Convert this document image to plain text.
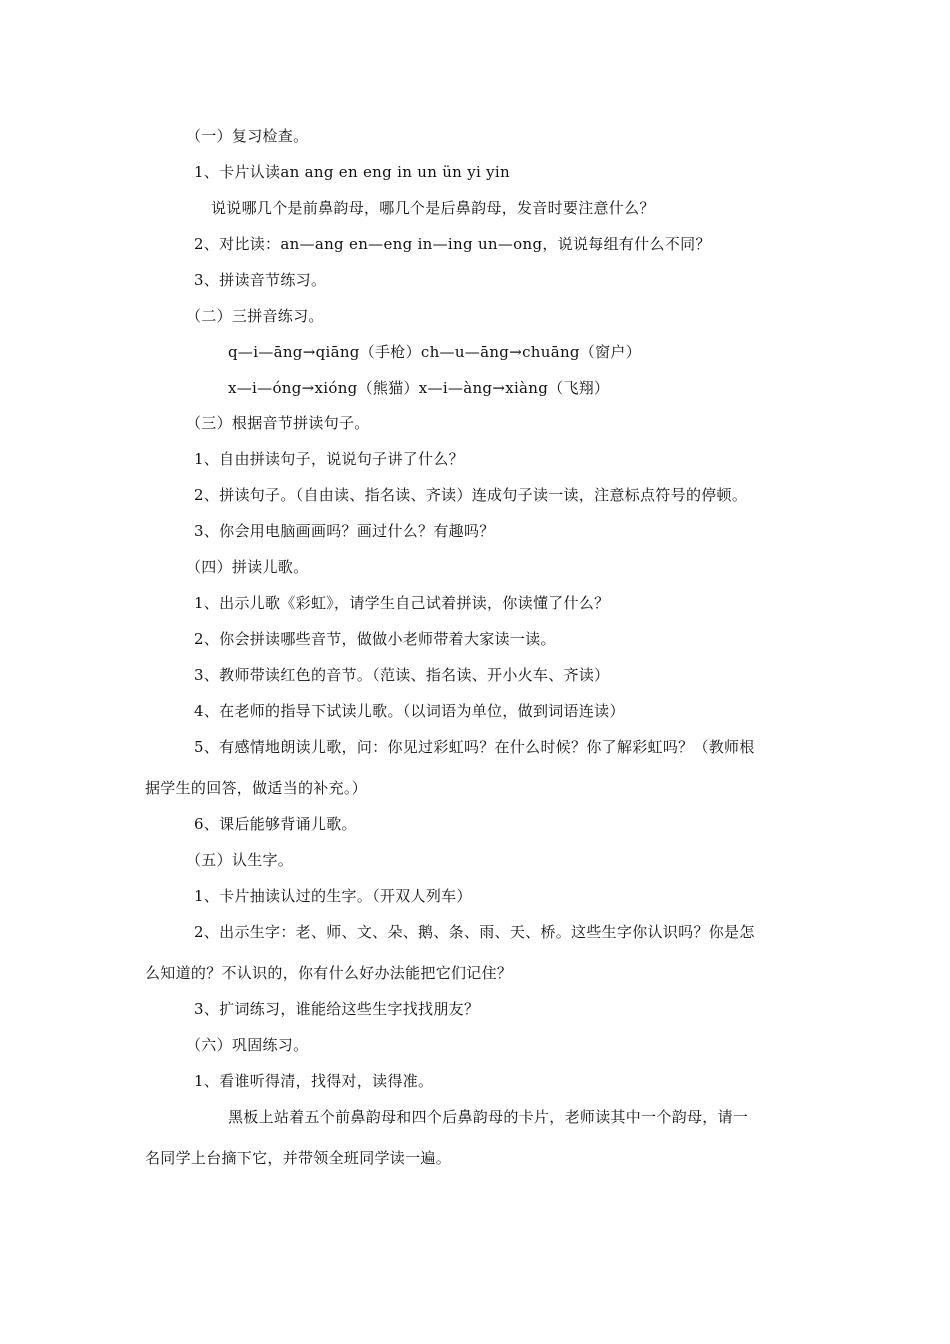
（一）复习检查。
1、卡片认读an ang en eng in un ün yi yin
说说哪几个是前鼻韵母，哪几个是后鼻韵母，发音时要注意什么？
2、对比读：an—ang en—eng in—ing un—ong，说说每组有什么不同？
3、拼读音节练习。
（二）三拼音练习。
q—i—āng→qiāng（手枪）ch—u—āng→chuāng（窗户）
x—i—óng→xióng（熊猫）x—i—àng→xiàng（飞翔）
（三）根据音节拼读句子。
1、自由拼读句子，说说句子讲了什么？
2、拼读句子。（自由读、指名读、齐读）连成句子读一读，注意标点符号的停顿。
3、你会用电脑画画吗？画过什么？有趣吗？
（四）拼读儿歌。
1、出示儿歌《彩虹》，请学生自己试着拼读，你读懂了什么？
2、你会拼读哪些音节，做做小老师带着大家读一读。
3、教师带读红色的音节。（范读、指名读、开小火车、齐读）
4、在老师的指导下试读儿歌。（以词语为单位，做到词语连读）
5、有感情地朗读儿歌，问：你见过彩虹吗？在什么时候？你了解彩虹吗？（教师根
据学生的回答，做适当的补充。）
6、课后能够背诵儿歌。
（五）认生字。
1、卡片抽读认过的生字。（开双人列车）
2、出示生字：老、师、文、朵、鹅、条、雨、天、桥。这些生字你认识吗？你是怎
么知道的？不认识的，你有什么好办法能把它们记住？
3、扩词练习，谁能给这些生字找找朋友？
（六）巩固练习。
1、看谁听得清，找得对，读得准。
黑板上站着五个前鼻韵母和四个后鼻韵母的卡片，老师读其中一个韵母，请一
名同学上台摘下它，并带领全班同学读一遍。
